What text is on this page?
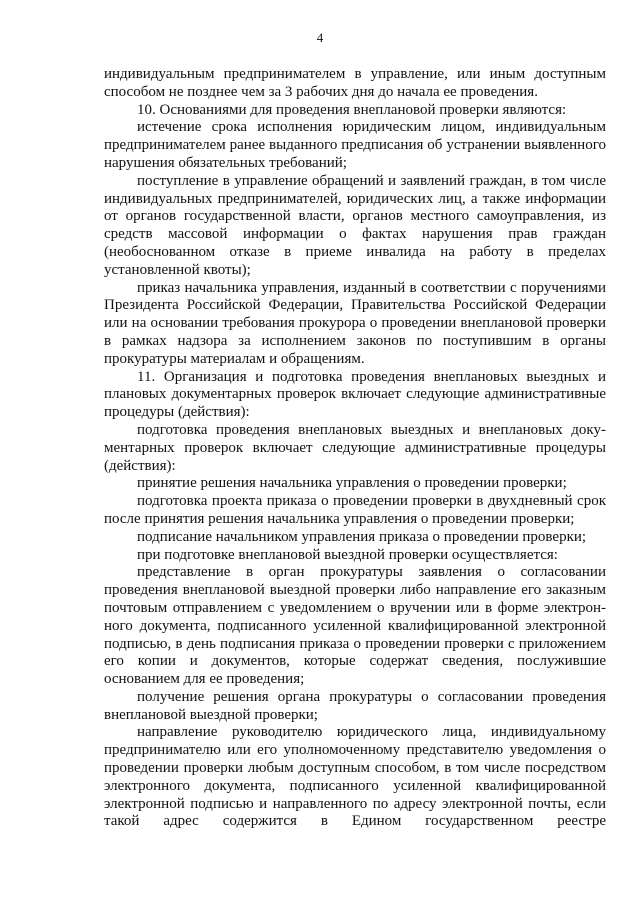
4

индивидуальным предпринимателем в управление, или иным доступным способом не позднее чем за 3 рабочих дня до начала ее проведения.

10. Основаниями для проведения внеплановой проверки являются:

истечение срока исполнения юридическим лицом, индивидуальным предпринимателем ранее выданного предписания об устранении выявленного нарушения обязательных требований;

поступление в управление обращений и заявлений граждан, в том числе индивидуальных предпринимателей, юридических лиц, а также информации от органов государственной власти, органов местного самоуправления, из средств массовой информации о фактах нарушения прав граждан (необоснованном отказе в приеме инвалида на работу в пределах установленной квоты);

приказ начальника управления, изданный в соответствии с поручениями Президента Российской Федерации, Правительства Российской Федерации или на основании требования прокурора о проведении внеплановой проверки в рамках надзора за исполнением законов по поступившим в органы прокуратуры материалам и обращениям.

11. Организация и подготовка проведения внеплановых выездных и плановых документарных проверок включает следующие административные процедуры (действия):

подготовка проведения внеплановых выездных и внеплановых документарных проверок включает следующие административные процедуры (действия):

принятие решения начальника управления о проведении проверки;

подготовка проекта приказа о проведении проверки в двухдневный срок после принятия решения начальника управления о проведении проверки;

подписание начальником управления приказа о проведении проверки;

при подготовке внеплановой выездной проверки осуществляется:

представление в орган прокуратуры заявления о согласовании проведения внеплановой выездной проверки либо направление его заказным почтовым отправлением с уведомлением о вручении или в форме электронного документа, подписанного усиленной квалифицированной электронной подписью, в день подписания приказа о проведении проверки с приложением его копии и документов, которые содержат сведения, послужившие основанием для ее проведения;

получение решения органа прокуратуры о согласовании проведения внеплановой выездной проверки;

направление руководителю юридического лица, индивидуальному предпринимателю или его уполномоченному представителю уведомления о проведении проверки любым доступным способом, в том числе посредством электронного документа, подписанного усиленной квалифицированной электронной подписью и направленного по адресу электронной почты, если такой адрес содержится в Едином государственном реестре
